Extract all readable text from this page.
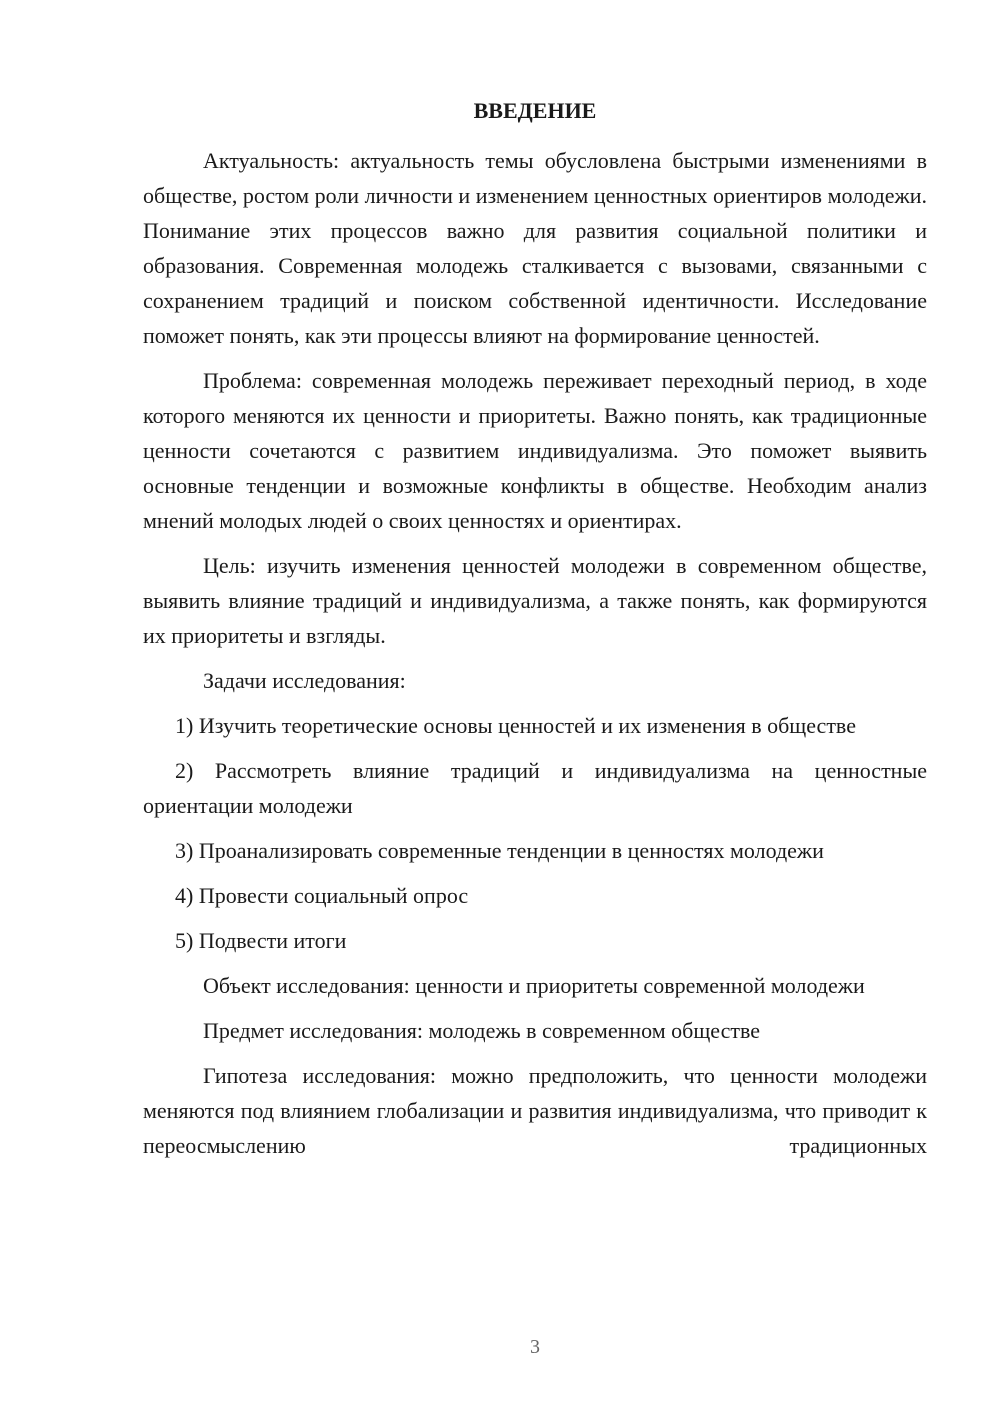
ВВЕДЕНИЕ

Актуальность: актуальность темы обусловлена быстрыми изменениями в обществе, ростом роли личности и изменением ценностных ориентиров молодежи. Понимание этих процессов важно для развития социальной политики и образования. Современная молодежь сталкивается с вызовами, связанными с сохранением традиций и поиском собственной идентичности. Исследование поможет понять, как эти процессы влияют на формирование ценностей.

Проблема: современная молодежь переживает переходный период, в ходе которого меняются их ценности и приоритеты. Важно понять, как традиционные ценности сочетаются с развитием индивидуализма. Это поможет выявить основные тенденции и возможные конфликты в обществе. Необходим анализ мнений молодых людей о своих ценностях и ориентирах.

Цель: изучить изменения ценностей молодежи в современном обществе, выявить влияние традиций и индивидуализма, а также понять, как формируются их приоритеты и взгляды.

Задачи исследования:

1) Изучить теоретические основы ценностей и их изменения в обществе

2) Рассмотреть влияние традиций и индивидуализма на ценностные ориентации молодежи

3) Проанализировать современные тенденции в ценностях молодежи

4) Провести социальный опрос

5) Подвести итоги

Объект исследования: ценности и приоритеты современной молодежи

Предмет исследования: молодежь в современном обществе

Гипотеза исследования: можно предположить, что ценности молодежи меняются под влиянием глобализации и развития индивидуализма, что приводит к переосмыслению традиционных

3
